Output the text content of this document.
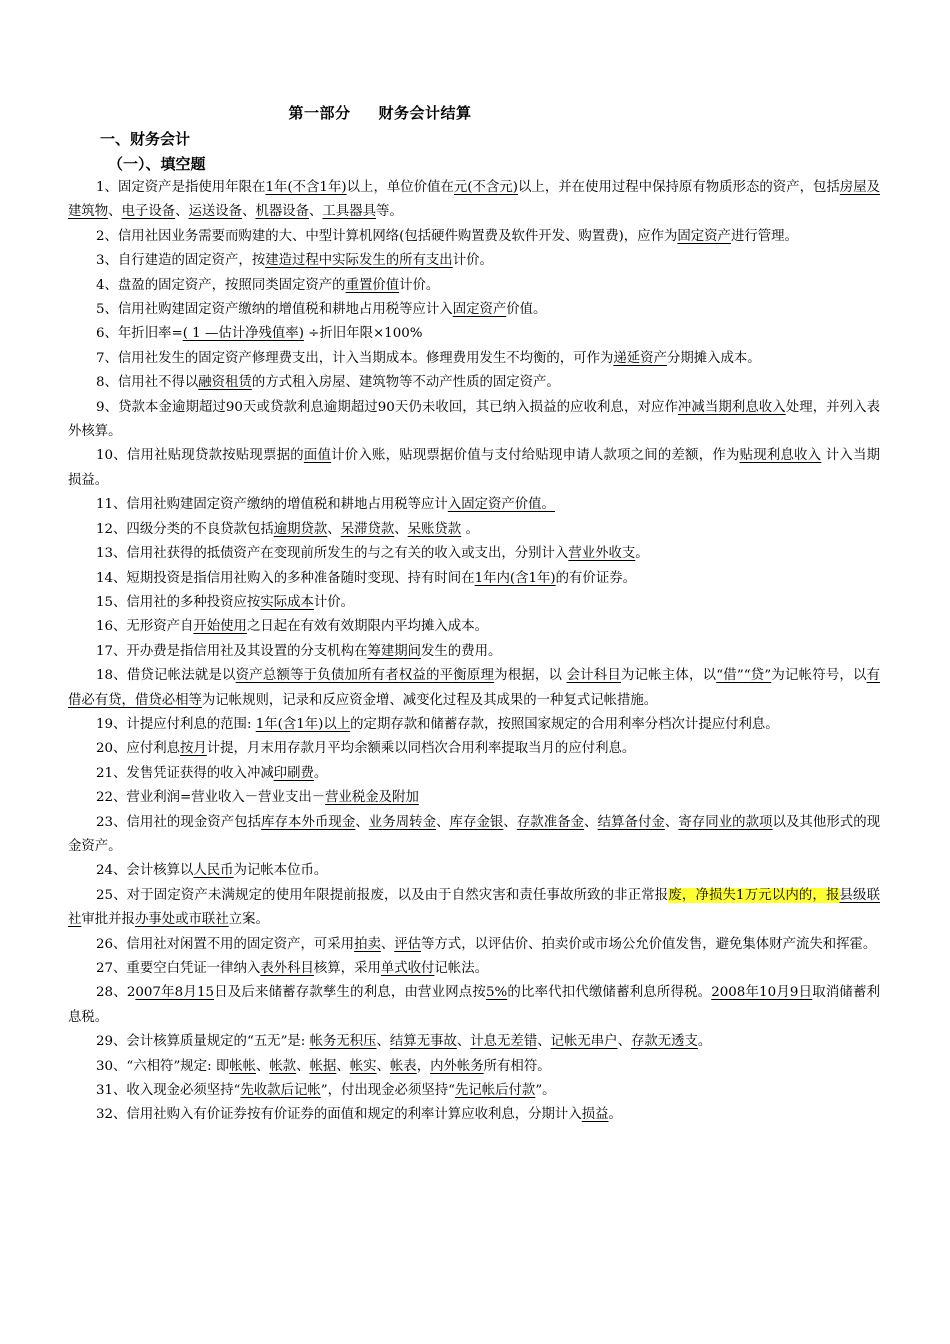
第一部分 财务会计结算
一、财务会计
（一）、填空题

1、固定资产是指使用年限在1年(不含1年)以上，单位价值在元(不含元)以上，并在使用过程中保持原有物质形态的资产，包括房屋及建筑物、电子设备、运送设备、机器设备、工具器具等。

2、信用社因业务需要而购建的大、中型计算机网络(包括硬件购置费及软件开发、购置费)，应作为固定资产进行管理。

3、自行建造的固定资产，按建造过程中实际发生的所有支出计价。

4、盘盈的固定资产，按照同类固定资产的重置价值计价。

5、信用社购建固定资产缴纳的增值税和耕地占用税等应计入固定资产价值。

6、年折旧率=( 1 —估计净残值率) ÷折旧年限×100%

7、信用社发生的固定资产修理费支出，计入当期成本。修理费用发生不均衡的，可作为递延资产分期摊入成本。

8、信用社不得以融资租赁的方式租入房屋、建筑物等不动产性质的固定资产。

9、贷款本金逾期超过90天或贷款利息逾期超过90天仍未收回，其已纳入损益的应收利息，对应作冲减当期利息收入处理，并列入表外核算。

10、信用社贴现贷款按贴现票据的面值计价入账，贴现票据价值与支付给贴现申请人款项之间的差额，作为贴现利息收入 计入当期损益。

11、信用社购建固定资产缴纳的增值税和耕地占用税等应计入固定资产价值。

12、四级分类的不良贷款包括逾期贷款、呆滞贷款、呆账贷款 。

13、信用社获得的抵债资产在变现前所发生的与之有关的收入或支出，分别计入营业外收支。

14、短期投资是指信用社购入的多种准备随时变现、持有时间在1年内(含1年)的有价证券。

15、信用社的多种投资应按实际成本计价。

16、无形资产自开始使用之日起在有效有效期限内平均摊入成本。

17、开办费是指信用社及其设置的分支机构在筹建期间发生的费用。

18、借贷记帐法就是以资产总额等于负债加所有者权益的平衡原理为根据，以 会计科目为记帐主体，以“借”“贷”为记帐符号，以有借必有贷，借贷必相等为记帐规则，记录和反应资金增、减变化过程及其成果的一种复式记帐措施。

19、计提应付利息的范围: 1年(含1年)以上的定期存款和储蓄存款，按照国家规定的合用利率分档次计提应付利息。

20、应付利息按月计提，月末用存款月平均余额乘以同档次合用利率提取当月的应付利息。

21、发售凭证获得的收入冲减印刷费。

22、营业利润=营业收入－营业支出－营业税金及附加

23、信用社的现金资产包括库存本外币现金、业务周转金、库存金银、存款准备金、结算备付金、寄存同业的款项以及其他形式的现金资产。

24、会计核算以人民币为记帐本位币。

25、对于固定资产未满规定的使用年限提前报废，以及由于自然灾害和责任事故所致的非正常报废，净损失1万元以内的，报县级联社审批并报办事处或市联社立案。

26、信用社对闲置不用的固定资产，可采用拍卖、评估等方式，以评估价、拍卖价或市场公允价值发售，避免集体财产流失和挥霍。

27、重要空白凭证一律纳入表外科目核算，采用单式收付记帐法。

28、2007年8月15日及后来储蓄存款孳生的利息，由营业网点按5%的比率代扣代缴储蓄利息所得税。2008年10月9日取消储蓄利息税。

29、会计核算质量规定的“五无”是: 帐务无积压、结算无事故、计息无差错、记帐无串户、存款无透支。

30、“六相符”规定: 即帐帐、帐款、帐据、帐实、帐表，内外帐务所有相符。

31、收入现金必须坚持“先收款后记帐”，付出现金必须坚持“先记帐后付款”。

32、信用社购入有价证券按有价证券的面值和规定的利率计算应收利息，分期计入损益。
